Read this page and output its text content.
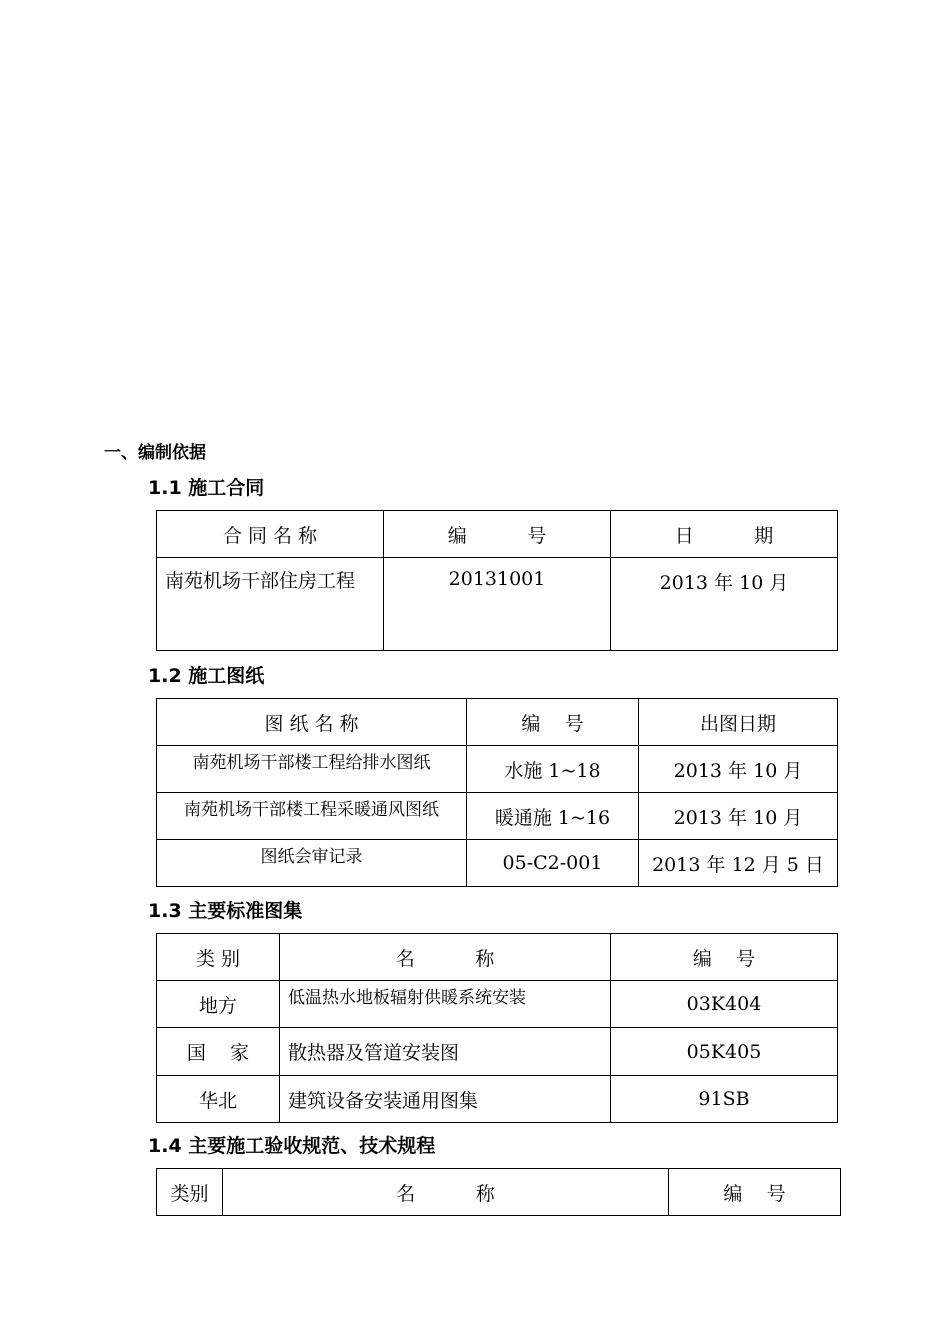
一、编制依据
1.1 施工合同
合 同 名 称	编          号	日          期
南苑机场干部住房工程	20131001	2013 年 10 月
1.2 施工图纸
图 纸 名 称	编    号	出图日期
南苑机场干部楼工程给排水图纸	水施 1~18	2013 年 10 月
南苑机场干部楼工程采暖通风图纸	暖通施 1~16	2013 年 10 月
图纸会审记录	05-C2-001	2013 年 12 月 5 日
1.3 主要标准图集
类 别	名          称	编    号
地方	低温热水地板辐射供暖系统安装	03K404
国    家	散热器及管道安装图	05K405
华北	建筑设备安装通用图集	91SB
1.4 主要施工验收规范、技术规程
类别	名          称	编    号
